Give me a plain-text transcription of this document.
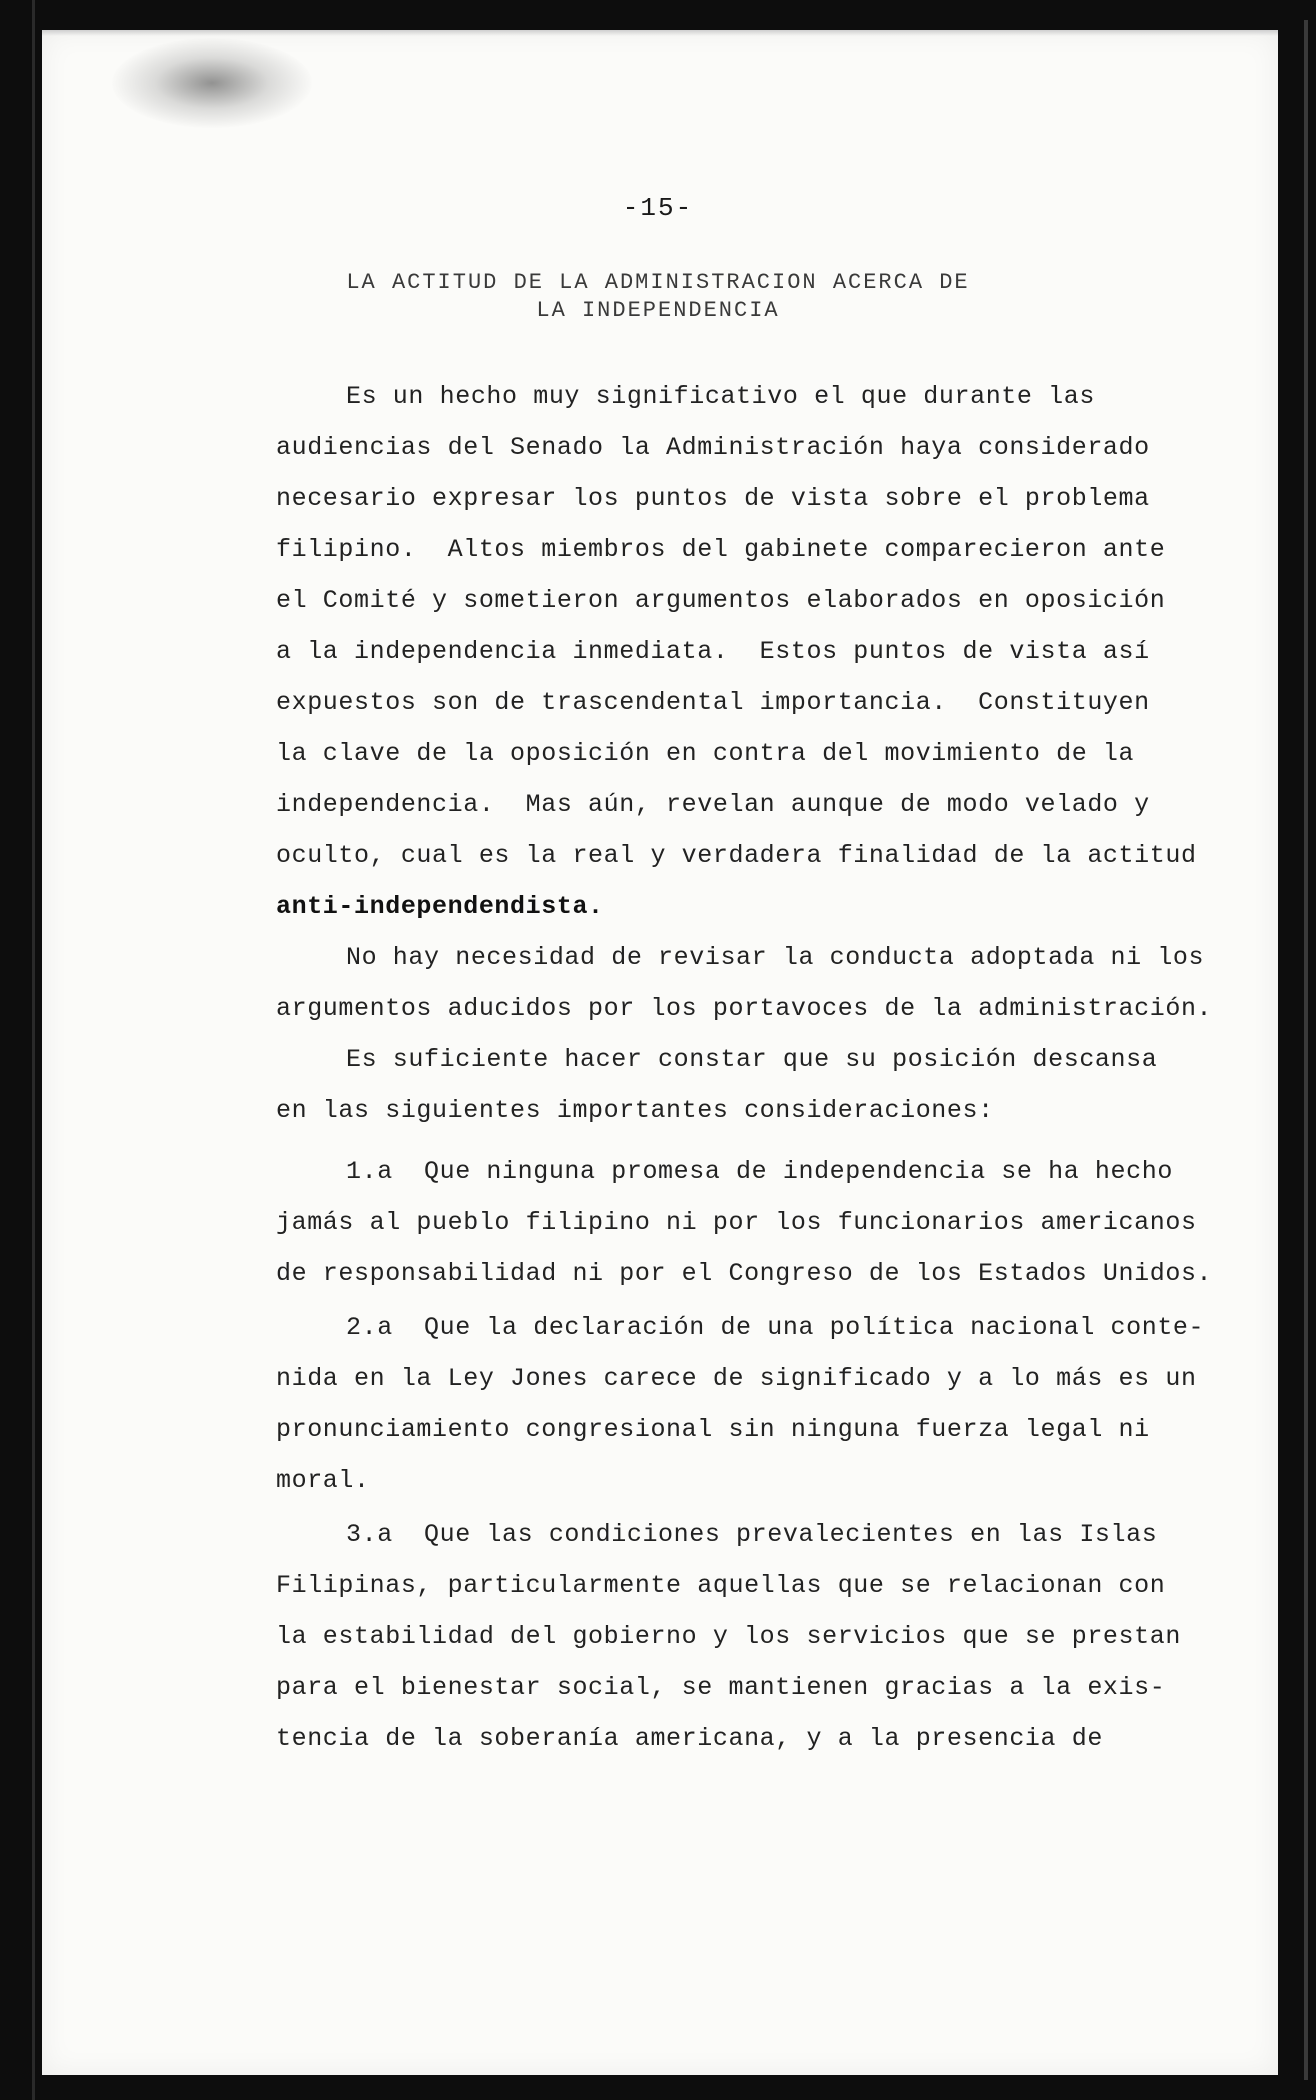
-15-
LA ACTITUD DE LA ADMINISTRACION ACERCA DE
LA INDEPENDENCIA
Es un hecho muy significativo el que durante las
audiencias del Senado la Administración haya considerado
necesario expresar los puntos de vista sobre el problema
filipino.  Altos miembros del gabinete comparecieron ante
el Comité y sometieron argumentos elaborados en oposición
a la independencia inmediata.  Estos puntos de vista así
expuestos son de trascendental importancia.  Constituyen
la clave de la oposición en contra del movimiento de la
independencia.  Mas aún, revelan aunque de modo velado y
oculto, cual es la real y verdadera finalidad de la actitud
anti-independendista.
No hay necesidad de revisar la conducta adoptada ni los
argumentos aducidos por los portavoces de la administración.
Es suficiente hacer constar que su posición descansa
en las siguientes importantes consideraciones:
1.a  Que ninguna promesa de independencia se ha hecho
jamás al pueblo filipino ni por los funcionarios americanos
de responsabilidad ni por el Congreso de los Estados Unidos.
2.a  Que la declaración de una política nacional conte-
nida en la Ley Jones carece de significado y a lo más es un
pronunciamiento congresional sin ninguna fuerza legal ni
moral.
3.a  Que las condiciones prevalecientes en las Islas
Filipinas, particularmente aquellas que se relacionan con
la estabilidad del gobierno y los servicios que se prestan
para el bienestar social, se mantienen gracias a la exis-
tencia de la soberanía americana, y a la presencia de
